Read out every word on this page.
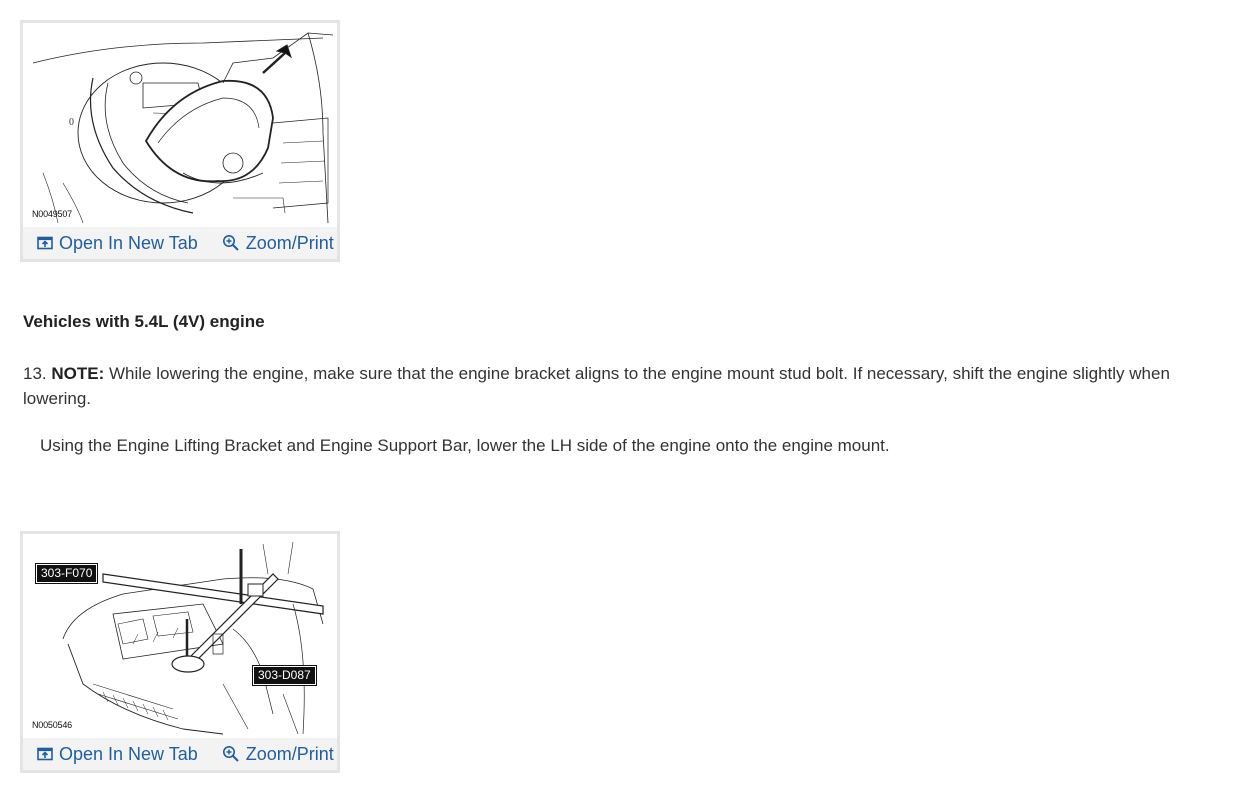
0
N0049507
Open In New Tab	Zoom/Print
Vehicles with 5.4L (4V) engine
13. NOTE: While lowering the engine, make sure that the engine bracket aligns to the engine mount stud bolt. If necessary, shift the engine slightly when lowering.
Using the Engine Lifting Bracket and Engine Support Bar, lower the LH side of the engine onto the engine mount.
303-F070
303-D087
N0050546
Open In New Tab	Zoom/Print
